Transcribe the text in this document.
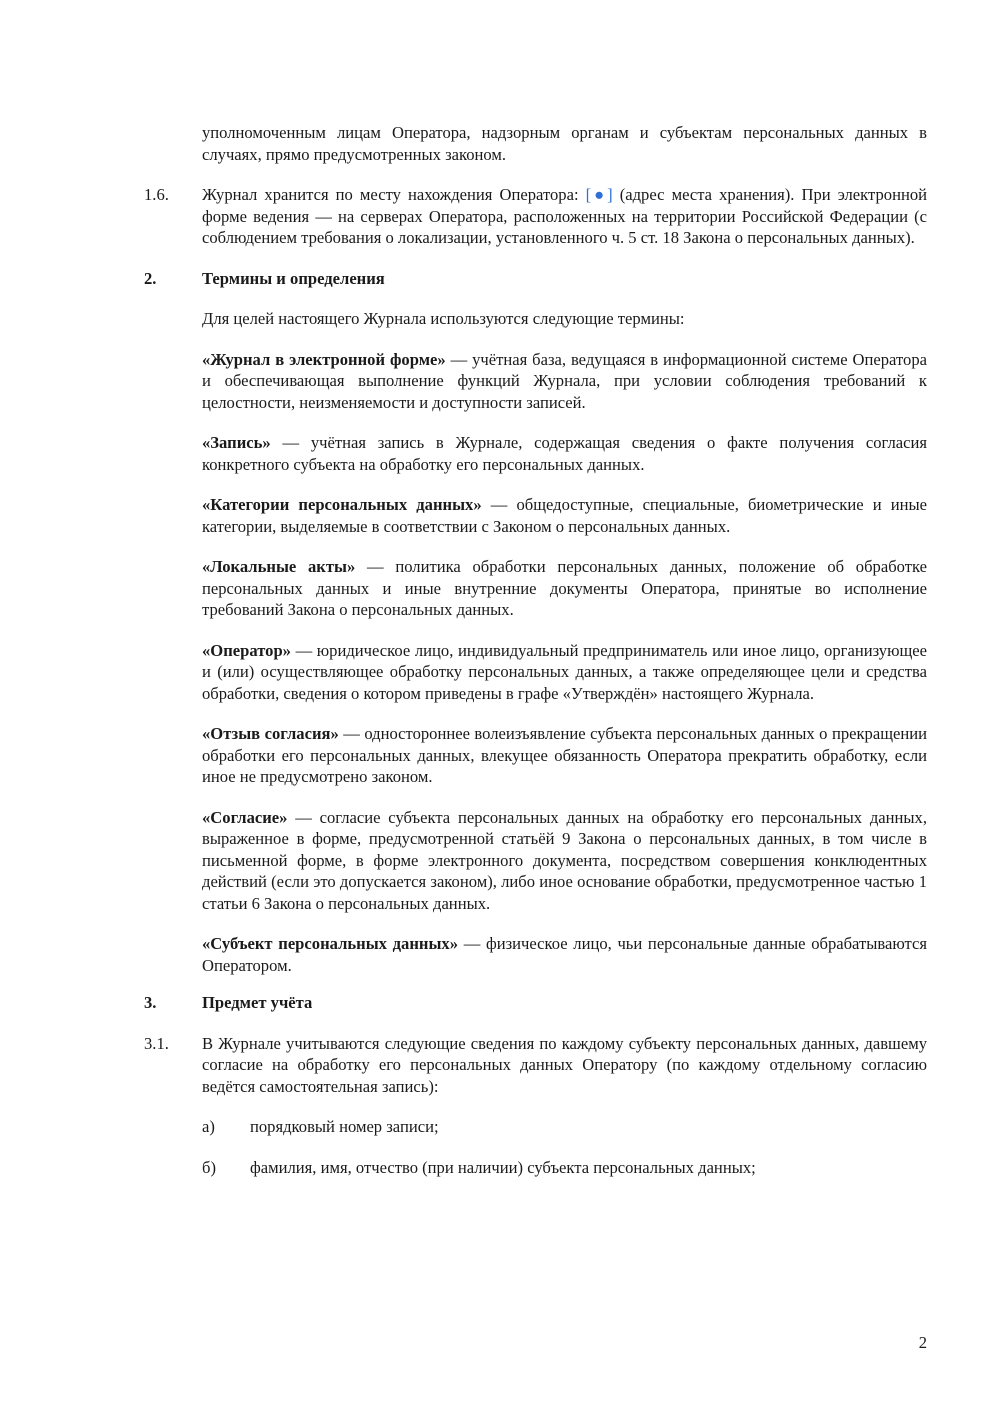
уполномоченным лицам Оператора, надзорным органам и субъектам персональных данных в случаях, прямо предусмотренных законом.

1.6. Журнал хранится по месту нахождения Оператора: [●] (адрес места хранения). При электронной форме ведения — на серверах Оператора, расположенных на территории Российской Федерации (с соблюдением требования о локализации, установленного ч. 5 ст. 18 Закона о персональных данных).

2.	Термины и определения

Для целей настоящего Журнала используются следующие термины:

«Журнал в электронной форме» — учётная база, ведущаяся в информационной системе Оператора и обеспечивающая выполнение функций Журнала, при условии соблюдения требований к целостности, неизменяемости и доступности записей.

«Запись» — учётная запись в Журнале, содержащая сведения о факте получения согласия конкретного субъекта на обработку его персональных данных.

«Категории персональных данных» — общедоступные, специальные, биометрические и иные категории, выделяемые в соответствии с Законом о персональных данных.

«Локальные акты» — политика обработки персональных данных, положение об обработке персональных данных и иные внутренние документы Оператора, принятые во исполнение требований Закона о персональных данных.

«Оператор» — юридическое лицо, индивидуальный предприниматель или иное лицо, организующее и (или) осуществляющее обработку персональных данных, а также определяющее цели и средства обработки, сведения о котором приведены в графе «Утверждён» настоящего Журнала.

«Отзыв согласия» — одностороннее волеизъявление субъекта персональных данных о прекращении обработки его персональных данных, влекущее обязанность Оператора прекратить обработку, если иное не предусмотрено законом.

«Согласие» — согласие субъекта персональных данных на обработку его персональных данных, выраженное в форме, предусмотренной статьёй 9 Закона о персональных данных, в том числе в письменной форме, в форме электронного документа, посредством совершения конклюдентных действий (если это допускается законом), либо иное основание обработки, предусмотренное частью 1 статьи 6 Закона о персональных данных.

«Субъект персональных данных» — физическое лицо, чьи персональные данные обрабатываются Оператором.

3.	Предмет учёта

3.1. В Журнале учитываются следующие сведения по каждому субъекту персональных данных, давшему согласие на обработку его персональных данных Оператору (по каждому отдельному согласию ведётся самостоятельная запись):

а) порядковый номер записи;
б) фамилия, имя, отчество (при наличии) субъекта персональных данных;
2
